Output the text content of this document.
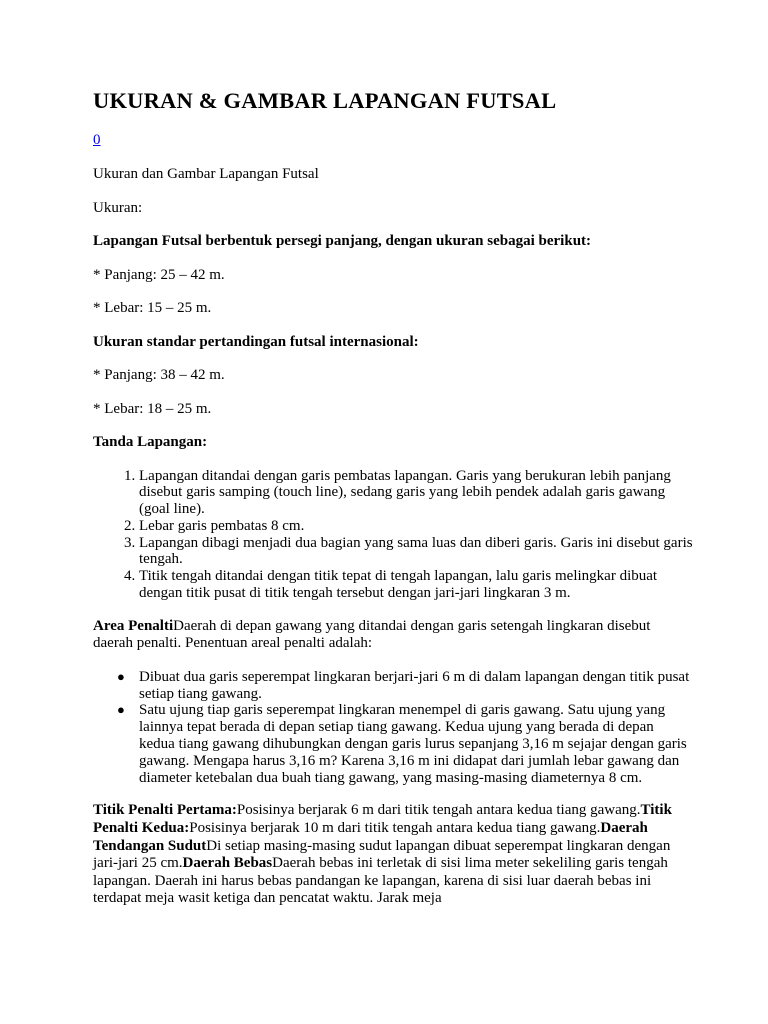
UKURAN & GAMBAR LAPANGAN FUTSAL
0

Ukuran dan Gambar Lapangan Futsal

Ukuran:

Lapangan Futsal berbentuk persegi panjang, dengan ukuran sebagai berikut:

* Panjang: 25 – 42 m.

* Lebar: 15 – 25 m.

Ukuran standar pertandingan futsal internasional:

* Panjang: 38 – 42 m.

* Lebar: 18 – 25 m.

Tanda Lapangan:

1. Lapangan ditandai dengan garis pembatas lapangan. Garis yang berukuran lebih panjang disebut garis samping (touch line), sedang garis yang lebih pendek adalah garis gawang (goal line).
2. Lebar garis pembatas 8 cm.
3. Lapangan dibagi menjadi dua bagian yang sama luas dan diberi garis. Garis ini disebut garis tengah.
4. Titik tengah ditandai dengan titik tepat di tengah lapangan, lalu garis melingkar dibuat dengan titik pusat di titik tengah tersebut dengan jari-jari lingkaran 3 m.

Area PenaltiDaerah di depan gawang yang ditandai dengan garis setengah lingkaran disebut daerah penalti. Penentuan areal penalti adalah:

● Dibuat dua garis seperempat lingkaran berjari-jari 6 m di dalam lapangan dengan titik pusat setiap tiang gawang.
● Satu ujung tiap garis seperempat lingkaran menempel di garis gawang. Satu ujung yang lainnya tepat berada di depan setiap tiang gawang. Kedua ujung yang berada di depan kedua tiang gawang dihubungkan dengan garis lurus sepanjang 3,16 m sejajar dengan garis gawang. Mengapa harus 3,16 m? Karena 3,16 m ini didapat dari jumlah lebar gawang dan diameter ketebalan dua buah tiang gawang, yang masing-masing diameternya 8 cm.

Titik Penalti Pertama:Posisinya berjarak 6 m dari titik tengah antara kedua tiang gawang.Titik Penalti Kedua:Posisinya berjarak 10 m dari titik tengah antara kedua tiang gawang.Daerah Tendangan SudutDi setiap masing-masing sudut lapangan dibuat seperempat lingkaran dengan jari-jari 25 cm.Daerah BebasDaerah bebas ini terletak di sisi lima meter sekeliling garis tengah lapangan. Daerah ini harus bebas pandangan ke lapangan, karena di sisi luar daerah bebas ini terdapat meja wasit ketiga dan pencatat waktu. Jarak meja
